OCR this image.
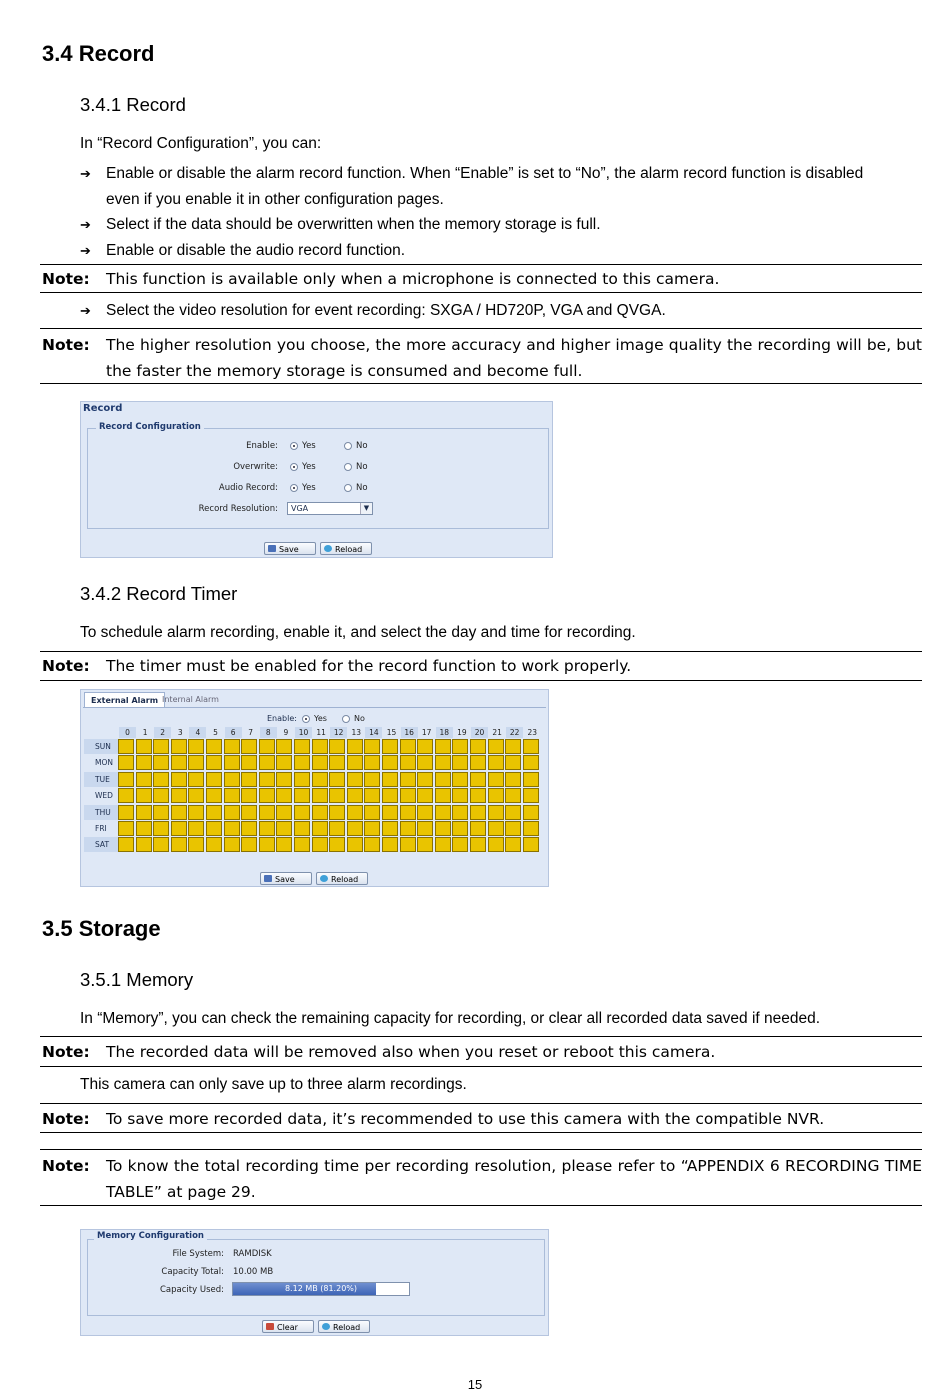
3.4 Record
3.4.1 Record
In “Record Configuration”, you can:
➔ Enable or disable the alarm record function. When “Enable” is set to “No”, the alarm record function is disabled even if you enable it in other configuration pages.
➔ Select if the data should be overwritten when the memory storage is full.
➔ Enable or disable the audio record function.
Note: This function is available only when a microphone is connected to this camera.
➔ Select the video resolution for event recording: SXGA / HD720P, VGA and QVGA.
Note: The higher resolution you choose, the more accuracy and higher image quality the recording will be, but the faster the memory storage is consumed and become full.
Record
Record Configuration
Enable:	Yes	No
Overwrite:	Yes	No
Audio Record:	Yes	No
Record Resolution:	VGA	▼
Save	Reload
3.4.2 Record Timer
To schedule alarm recording, enable it, and select the day and time for recording.
Note: The timer must be enabled for the record function to work properly.
External Alarm Internal Alarm
Enable:	Yes	No
0	1	2	3	4	5	6	7	8	9	10	11	12	13	14	15	16	17	18	19	20	21	22	23
SUN
MON
TUE
WED
THU
FRI
SAT
Save	Reload
3.5 Storage
3.5.1 Memory
In “Memory”, you can check the remaining capacity for recording, or clear all recorded data saved if needed.
Note: The recorded data will be removed also when you reset or reboot this camera.
This camera can only save up to three alarm recordings.
Note: To save more recorded data, it’s recommended to use this camera with the compatible NVR.
Note: To know the total recording time per recording resolution, please refer to “APPENDIX 6 RECORDING TIME TABLE” at page 29.
Memory Configuration
File System: RAMDISK
Capacity Total: 10.00 MB
Capacity Used:	8.12 MB (81.20%)
Clear	Reload
15
